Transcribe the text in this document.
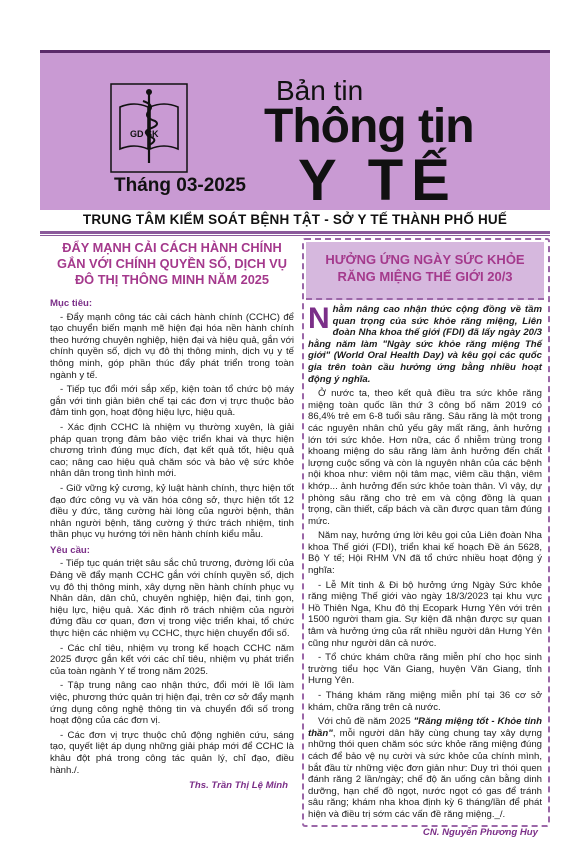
GD SK
Bản tin
Thông tin
Y TẾ
Tháng 03-2025
TRUNG TÂM KIỂM SOÁT BỆNH TẬT - SỞ Y TẾ THÀNH PHỐ HUẾ
ĐẨY MẠNH CẢI CÁCH HÀNH CHÍNH GẮN VỚI CHÍNH QUYỀN SỐ, DỊCH VỤ ĐÔ THỊ THÔNG MINH NĂM 2025
Mục tiêu:

- Đẩy mạnh công tác cải cách hành chính (CCHC) để tạo chuyển biến mạnh mẽ hiện đại hóa nền hành chính theo hướng chuyên nghiệp, hiện đại và hiệu quả, gắn với chính quyền số, dịch vụ đô thị thông minh, dịch vụ y tế thông minh, góp phần thúc đẩy phát triển trong toàn ngành y tế.

- Tiếp tục đổi mới sắp xếp, kiện toàn tổ chức bộ máy gắn với tinh giản biên chế tại các đơn vị trực thuộc bảo đảm tinh gọn, hoạt động hiệu lực, hiệu quả.

- Xác định CCHC là nhiệm vụ thường xuyên, là giải pháp quan trọng đảm bảo việc triển khai và thực hiện chương trình đúng mục đích, đạt kết quả tốt, hiệu quả cao; nâng cao hiệu quả chăm sóc và bảo vệ sức khỏe nhân dân trong tình hình mới.

- Giữ vững kỷ cương, kỷ luật hành chính, thực hiện tốt đạo đức công vụ và văn hóa công sở, thực hiện tốt 12 điều y đức, tăng cường hài lòng của người bệnh, thân nhân người bệnh, tăng cường ý thức trách nhiệm, tinh thần phục vụ hướng tới nền hành chính kiểu mẫu.

Yêu cầu:

- Tiếp tục quán triệt sâu sắc chủ trương, đường lối của Đảng về đẩy mạnh CCHC gắn với chính quyền số, dịch vụ đô thị thông minh, xây dựng nền hành chính phục vụ Nhân dân, dân chủ, chuyên nghiệp, hiện đại, tinh gọn, hiệu lực, hiệu quả. Xác định rõ trách nhiệm của người đứng đầu cơ quan, đơn vị trong việc triển khai, tổ chức thực hiện các nhiệm vụ CCHC, thực hiện chuyển đổi số.

- Các chỉ tiêu, nhiệm vụ trong kế hoạch CCHC năm 2025 được gắn kết với các chỉ tiêu, nhiệm vụ phát triển của toàn ngành Y tế trong năm 2025.

- Tập trung nâng cao nhận thức, đổi mới lề lối làm việc, phương thức quản trị hiện đại, trên cơ sở đẩy mạnh ứng dụng công nghệ thông tin và chuyển đổi số trong hoạt động của các đơn vị.

- Các đơn vị trực thuộc chủ động nghiên cứu, sáng tạo, quyết liệt áp dụng những giải pháp mới để CCHC là khâu đột phá trong công tác quản lý, chỉ đạo, điều hành./.

Ths. Trần Thị Lệ Minh
HƯỞNG ỨNG NGÀY SỨC KHỎE RĂNG MIỆNG THẾ GIỚI 20/3

Nhằm nâng cao nhận thức cộng đồng về tầm quan trọng của sức khỏe răng miệng, Liên đoàn Nha khoa thế giới (FDI) đã lấy ngày 20/3 hằng năm làm "Ngày sức khỏe răng miệng Thế giới" (World Oral Health Day) và kêu gọi các quốc gia trên toàn cầu hưởng ứng bằng nhiều hoạt động ý nghĩa.

Ở nước ta, theo kết quả điều tra sức khỏe răng miệng toàn quốc lần thứ 3 công bố năm 2019 có 86,4% trẻ em 6-8 tuổi sâu răng. Sâu răng là một trong các nguyên nhân chủ yếu gây mất răng, ảnh hưởng lớn tới sức khỏe. Hơn nữa, các ổ nhiễm trùng trong khoang miệng do sâu răng làm ảnh hưởng đến chất lượng cuộc sống và còn là nguyên nhân của các bệnh nội khoa như: viêm nội tâm mạc, viêm cầu thận, viêm khớp... ảnh hưởng đến sức khỏe toàn thân. Vì vậy, dự phòng sâu răng cho trẻ em và cộng đồng là quan trọng, cần thiết, cấp bách và cần được quan tâm đúng mức.

Năm nay, hưởng ứng lời kêu gọi của Liên đoàn Nha khoa Thế giới (FDI), triển khai kế hoạch Đề án 5628, Bộ Y tế; Hội RHM VN đã tổ chức nhiều hoạt động ý nghĩa:

- Lễ Mít tinh & Đi bộ hưởng ứng Ngày Sức khỏe răng miệng Thế giới vào ngày 18/3/2023 tại khu vực Hồ Thiên Nga, Khu đô thị Ecopark Hưng Yên với trên 1500 người tham gia. Sự kiện đã nhận được sự quan tâm và hưởng ứng của rất nhiều người dân Hưng Yên cũng như người dân cả nước.

- Tổ chức khám chữa răng miễn phí cho học sinh trường tiểu học Văn Giang, huyện Văn Giang, tỉnh Hưng Yên.

- Tháng khám răng miệng miễn phí tại 36 cơ sở khám, chữa răng trên cả nước.

Với chủ đề năm 2025 "Răng miệng tốt - Khỏe tinh thần", mỗi người dân hãy cùng chung tay xây dựng những thói quen chăm sóc sức khỏe răng miệng đúng cách để bảo vệ nụ cười và sức khỏe của chính mình, bắt đầu từ những việc đơn giản như: Duy trì thói quen đánh răng 2 lần/ngày; chế độ ăn uống cân bằng dinh dưỡng, hạn chế đồ ngọt, nước ngọt có gas để tránh sâu răng; khám nha khoa định kỳ 6 tháng/lần để phát hiện và điều trị sớm các vấn đề răng miệng._/.

CN. Nguyễn Phương Huy
